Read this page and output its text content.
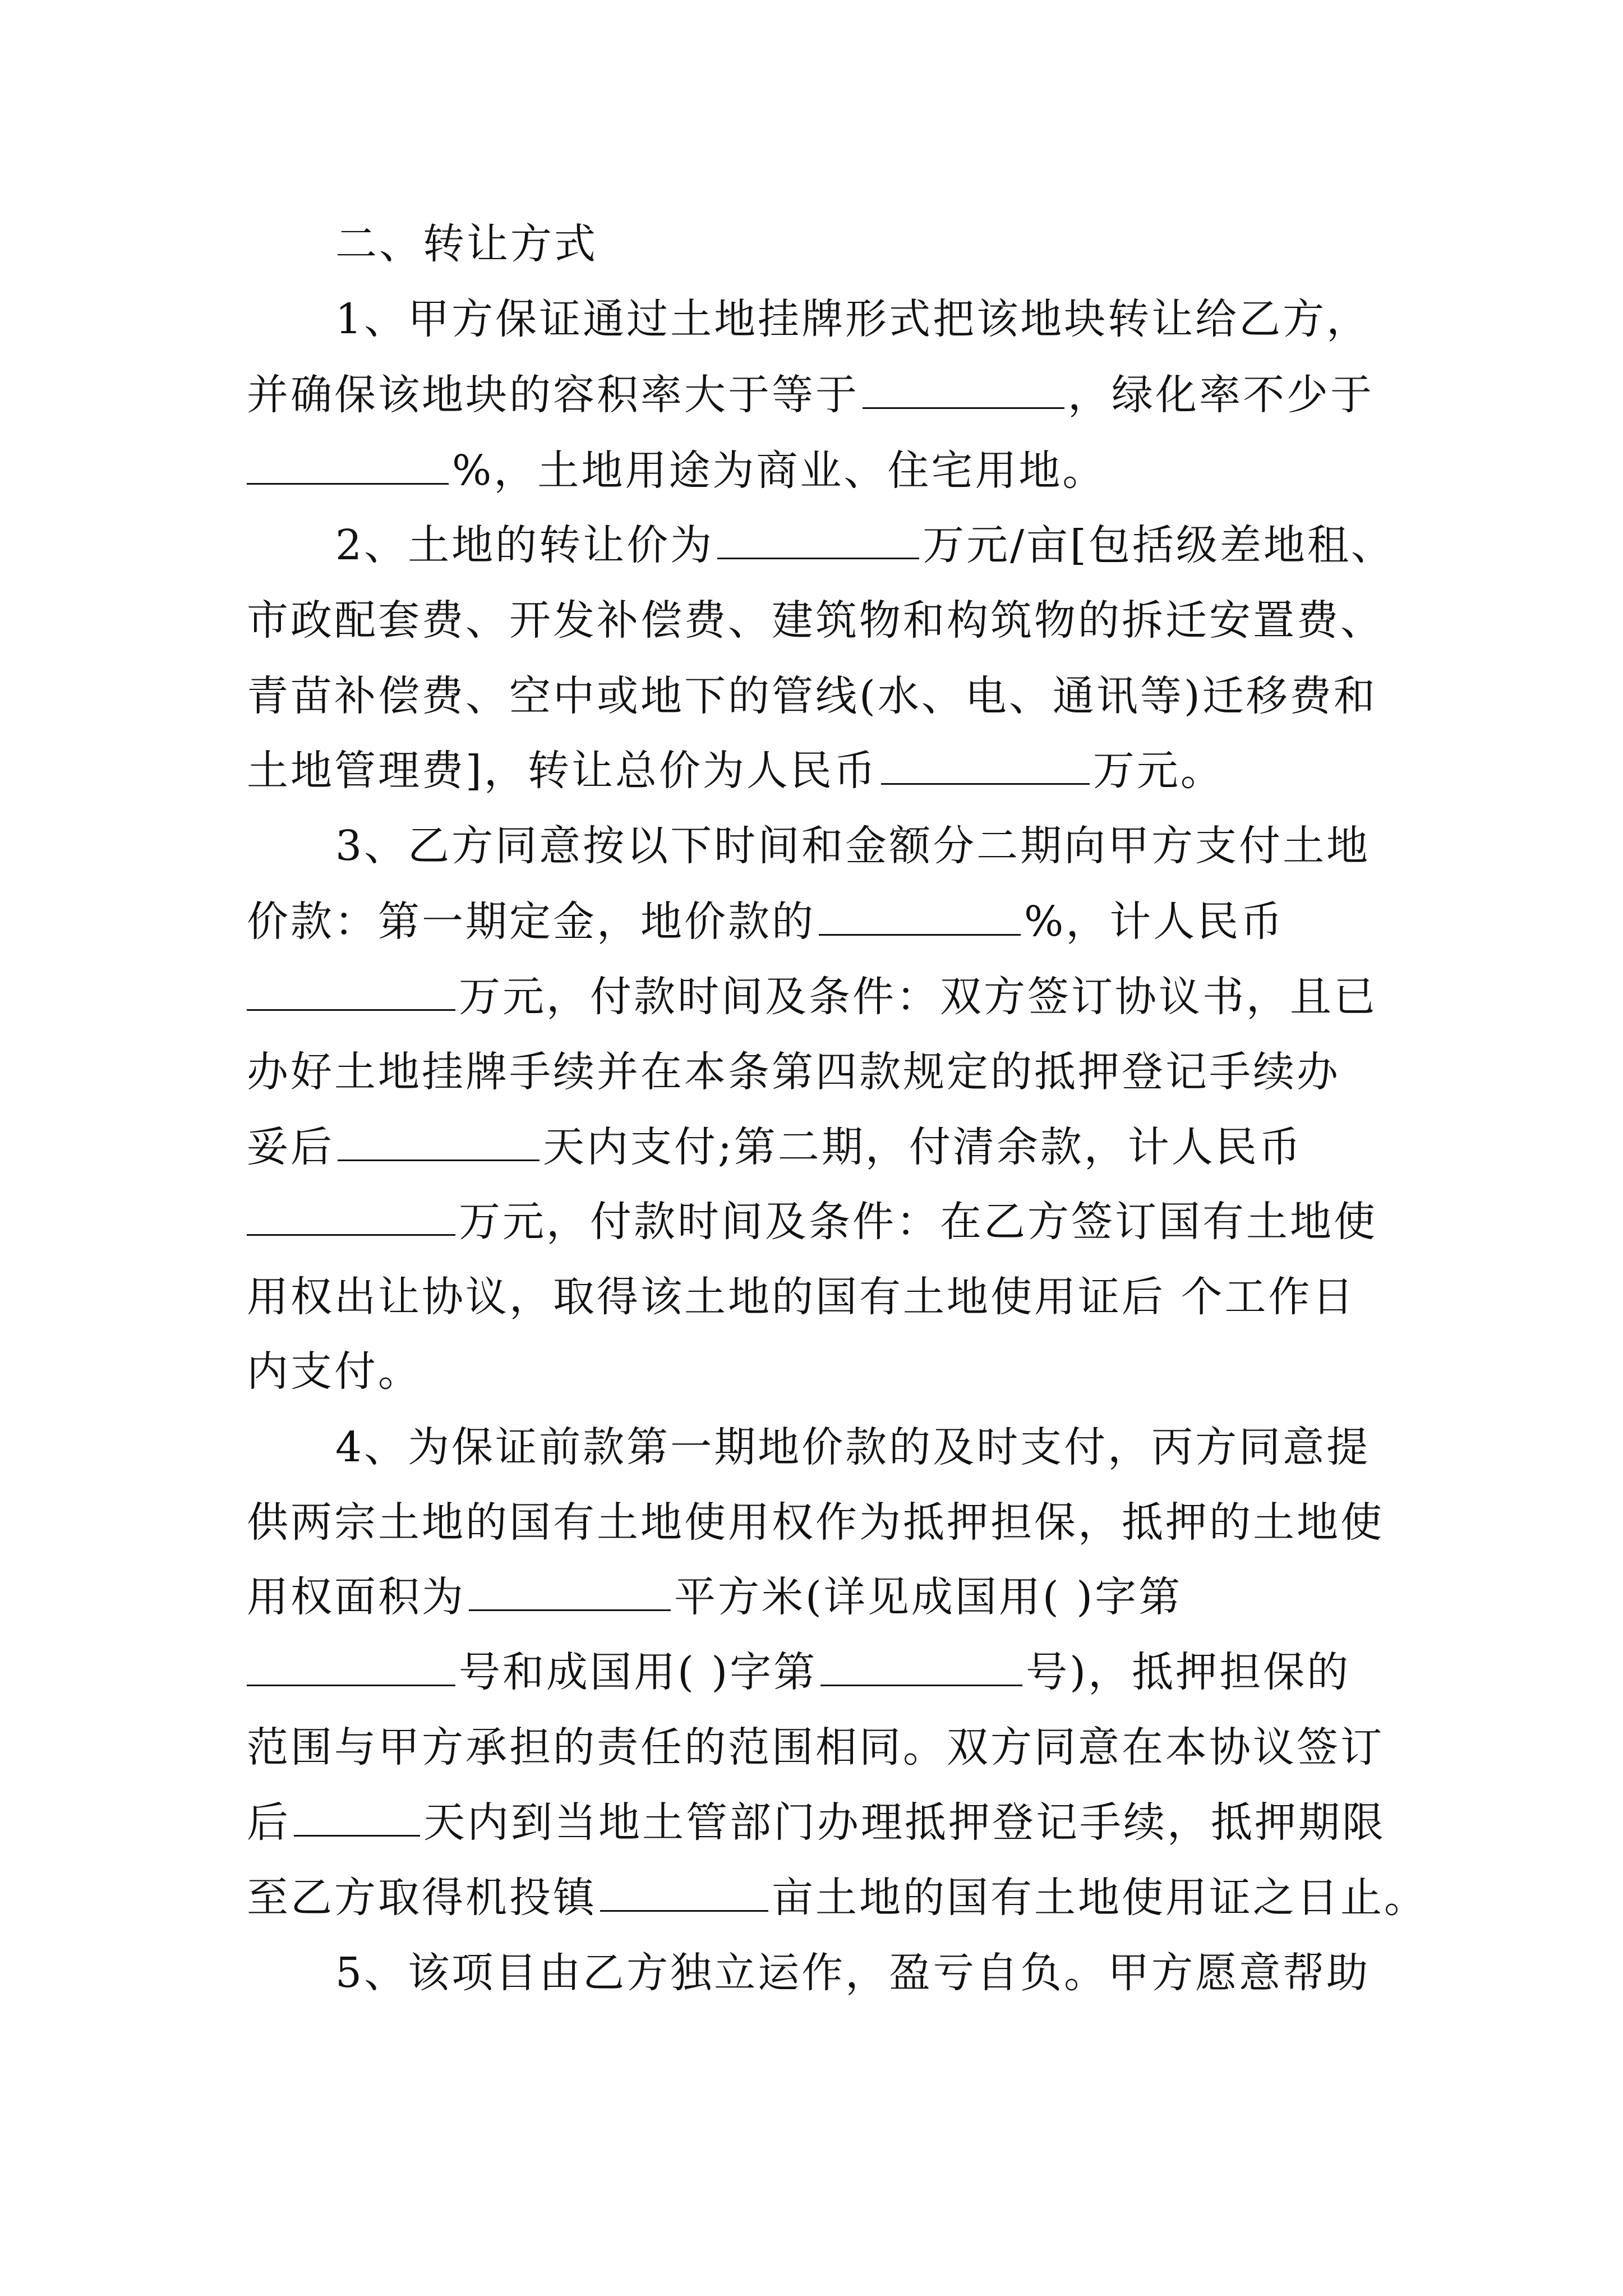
二、转让方式
1、甲方保证通过土地挂牌形式把该地块转让给乙方，
并确保该地块的容积率大于等于	，绿化率不少于
%，土地用途为商业、住宅用地。
2、土地的转让价为	万元/亩[包括级差地租、
市政配套费、开发补偿费、建筑物和构筑物的拆迁安置费、
青苗补偿费、空中或地下的管线(水、电、通讯等)迁移费和
土地管理费]，转让总价为人民币	万元。
3、乙方同意按以下时间和金额分二期向甲方支付土地
价款：第一期定金，地价款的	%，计人民币
万元，付款时间及条件：双方签订协议书，且已
办好土地挂牌手续并在本条第四款规定的抵押登记手续办
妥后	天内支付;第二期，付清余款，计人民币
万元，付款时间及条件：在乙方签订国有土地使
用权出让协议，取得该土地的国有土地使用证后 个工作日
内支付。
4、为保证前款第一期地价款的及时支付，丙方同意提
供两宗土地的国有土地使用权作为抵押担保，抵押的土地使
用权面积为	平方米(详见成国用( )字第
号和成国用( )字第	号)，抵押担保的
范围与甲方承担的责任的范围相同。双方同意在本协议签订
后	天内到当地土管部门办理抵押登记手续，抵押期限
至乙方取得机投镇	亩土地的国有土地使用证之日止。
5、该项目由乙方独立运作，盈亏自负。甲方愿意帮助
